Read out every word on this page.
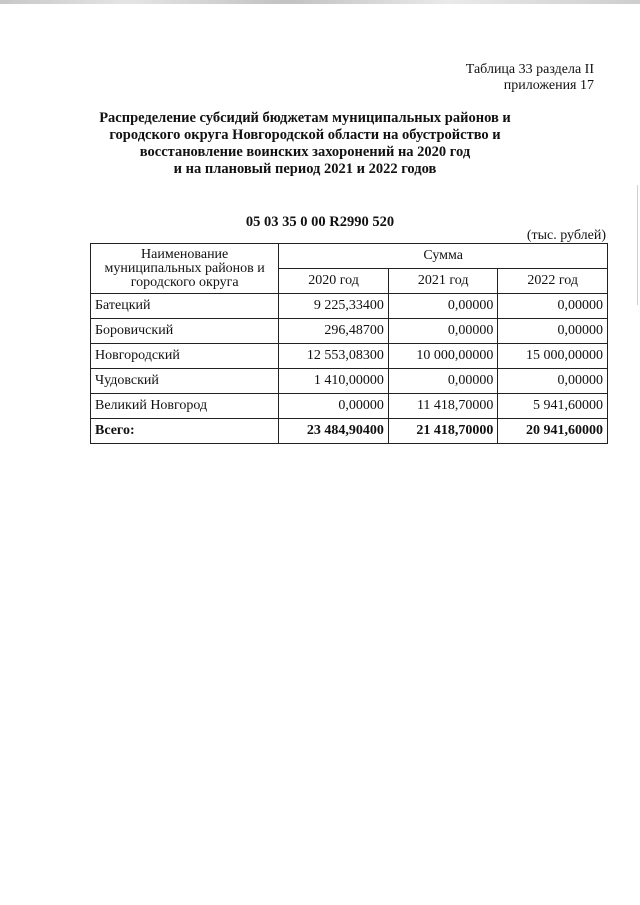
Таблица 33 раздела II
приложения 17
Распределение субсидий бюджетам муниципальных районов и
городского округа Новгородской области на обустройство и
восстановление воинских захоронений на 2020 год
и на плановый период 2021 и 2022 годов
05 03 35 0 00 R2990 520
(тыс. рублей)
Наименование муниципальных районов и городского округа	Сумма		
	2020 год	2021 год	2022 год
Батецкий	9 225,33400	0,00000	0,00000
Боровичский	296,48700	0,00000	0,00000
Новгородский	12 553,08300	10 000,00000	15 000,00000
Чудовский	1 410,00000	0,00000	0,00000
Великий Новгород	0,00000	11 418,70000	5 941,60000
Всего:	23 484,90400	21 418,70000	20 941,60000
